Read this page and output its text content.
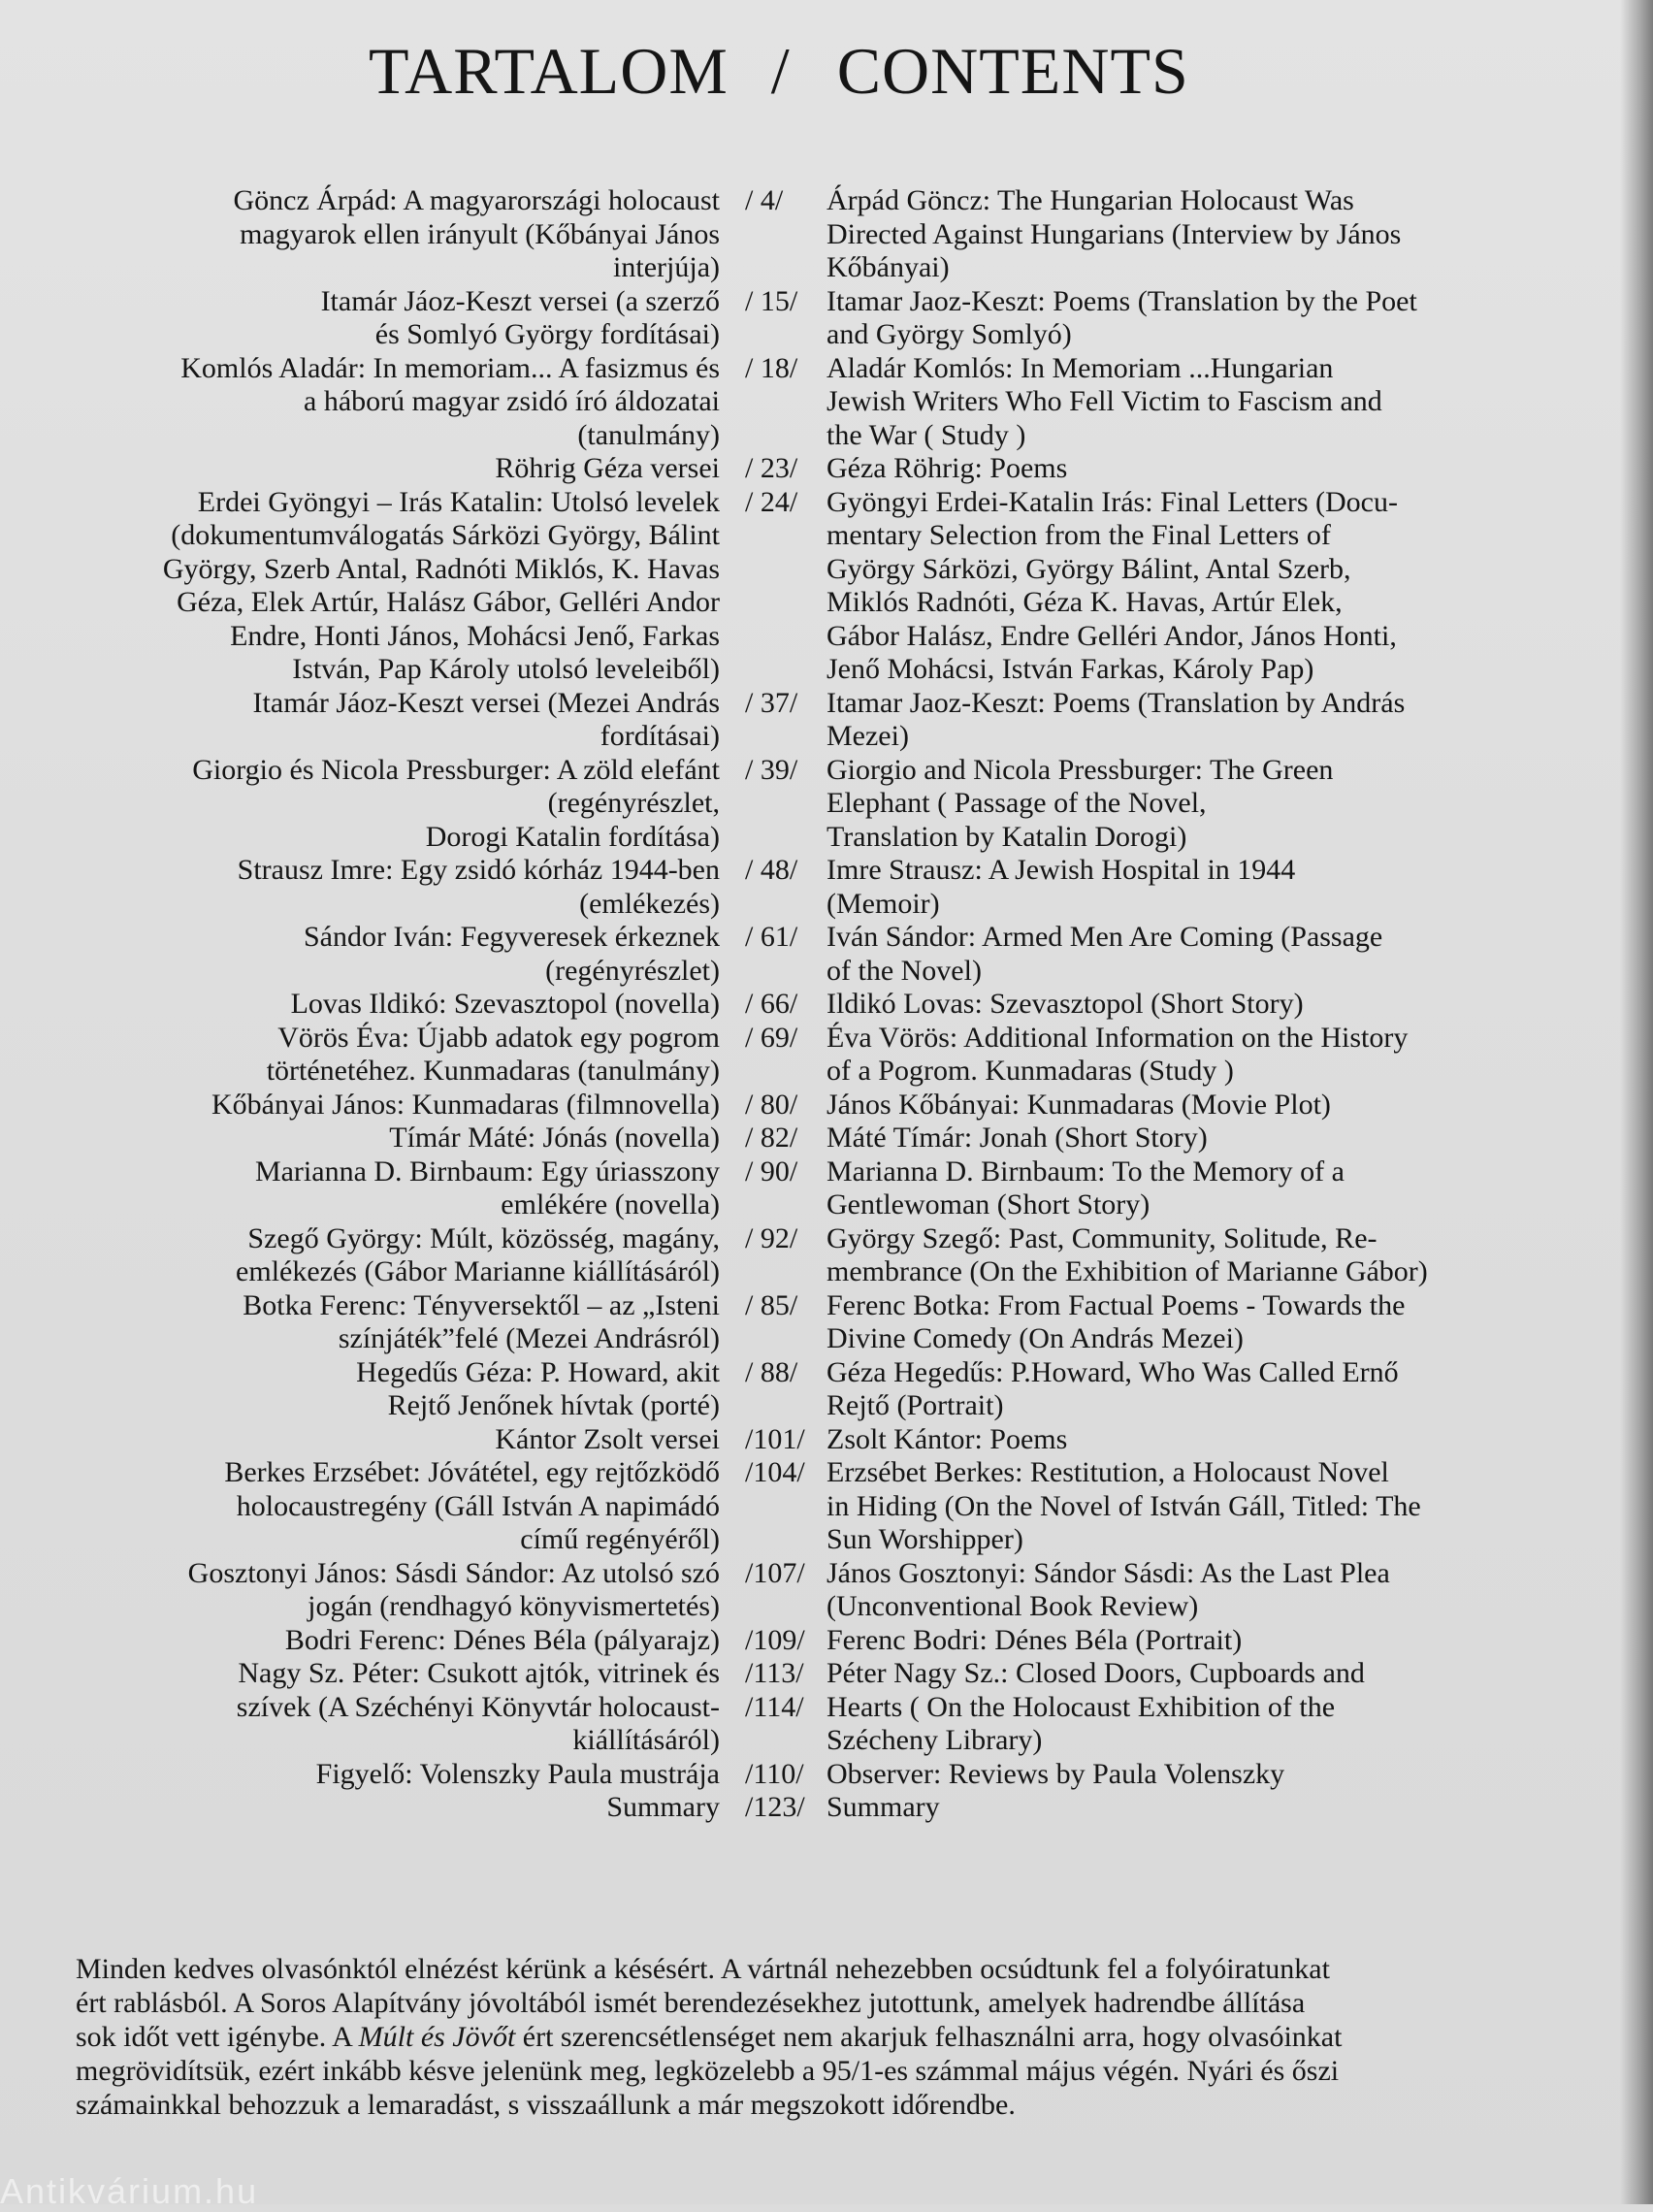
TARTALOM / CONTENTS
Göncz Árpád: A magyarországi holocaust
magyarok ellen irányult (Kőbányai János
interjúja)
/ 4/	Árpád Göncz: The Hungarian Holocaust Was
Directed Against Hungarians (Interview by János
Kőbányai)
Itamár Jáoz-Keszt versei (a szerző
és Somlyó György fordításai)
/ 15/ Itamar Jaoz-Keszt: Poems (Translation by the Poet
and György Somlyó)
Komlós Aladár: In memoriam... A fasizmus és
a háború magyar zsidó író áldozatai
(tanulmány)
/ 18/ Aladár Komlós: In Memoriam ...Hungarian
Jewish Writers Who Fell Victim to Fascism and
the War ( Study )
Röhrig Géza versei / 23/ Géza Röhrig: Poems
Erdei Gyöngyi – Irás Katalin: Utolsó levelek
(dokumentumválogatás Sárközi György, Bálint
György, Szerb Antal, Radnóti Miklós, K. Havas
Géza, Elek Artúr, Halász Gábor, Gelléri Andor
Endre, Honti János, Mohácsi Jenő, Farkas
István, Pap Károly utolsó leveleiből)
/ 24/ Gyöngyi Erdei-Katalin Irás: Final Letters (Docu-
mentary Selection from the Final Letters of
György Sárközi, György Bálint, Antal Szerb,
Miklós Radnóti, Géza K. Havas, Artúr Elek,
Gábor Halász, Endre Gelléri Andor, János Honti,
Jenő Mohácsi, István Farkas, Károly Pap)
Itamár Jáoz-Keszt versei (Mezei András
fordításai)
/ 37/ Itamar Jaoz-Keszt: Poems (Translation by András
Mezei)
Giorgio és Nicola Pressburger: A zöld elefánt
(regényrészlet,
Dorogi Katalin fordítása)
/ 39/ Giorgio and Nicola Pressburger: The Green
Elephant ( Passage of the Novel,
Translation by Katalin Dorogi)
Strausz Imre: Egy zsidó kórház 1944-ben
(emlékezés)
/ 48/ Imre Strausz: A Jewish Hospital in 1944
(Memoir)
Sándor Iván: Fegyveresek érkeznek
(regényrészlet)
/ 61/ Iván Sándor: Armed Men Are Coming (Passage
of the Novel)
Lovas Ildikó: Szevasztopol (novella) / 66/ Ildikó Lovas: Szevasztopol (Short Story)
Vörös Éva: Újabb adatok egy pogrom
történetéhez. Kunmadaras (tanulmány)
/ 69/ Éva Vörös: Additional Information on the History
of a Pogrom. Kunmadaras (Study )
Kőbányai János: Kunmadaras (filmnovella) / 80/ János Kőbányai: Kunmadaras (Movie Plot)
Tímár Máté: Jónás (novella) / 82/ Máté Tímár: Jonah (Short Story)
Marianna D. Birnbaum: Egy úriasszony
emlékére (novella)
/ 90/ Marianna D. Birnbaum: To the Memory of a
Gentlewoman (Short Story)
Szegő György: Múlt, közösség, magány,
emlékezés (Gábor Marianne kiállításáról)
/ 92/ György Szegő: Past, Community, Solitude, Re-
membrance (On the Exhibition of Marianne Gábor)
Botka Ferenc: Tényversektől – az „Isteni
színjáték”felé (Mezei Andrásról)
/ 85/ Ferenc Botka: From Factual Poems - Towards the
Divine Comedy (On András Mezei)
Hegedűs Géza: P. Howard, akit
Rejtő Jenőnek hívtak (porté)
/ 88/ Géza Hegedűs: P.Howard, Who Was Called Ernő
Rejtő (Portrait)
Kántor Zsolt versei /101/ Zsolt Kántor: Poems
Berkes Erzsébet: Jóvátétel, egy rejtőzködő
holocaustregény (Gáll István A napimádó
című regényéről)
/104/ Erzsébet Berkes: Restitution, a Holocaust Novel
in Hiding (On the Novel of István Gáll, Titled: The
Sun Worshipper)
Gosztonyi János: Sásdi Sándor: Az utolsó szó
jogán (rendhagyó könyvismertetés)
/107/ János Gosztonyi: Sándor Sásdi: As the Last Plea
(Unconventional Book Review)
Bodri Ferenc: Dénes Béla (pályarajz) /109/ Ferenc Bodri: Dénes Béla (Portrait)
Nagy Sz. Péter: Csukott ajtók, vitrinek és
szívek (A Széchényi Könyvtár holocaust-
kiállításáról)
/113/
/114/
Péter Nagy Sz.: Closed Doors, Cupboards and
Hearts ( On the Holocaust Exhibition of the
Szécheny Library)
Figyelő: Volenszky Paula mustrája /110/ Observer: Reviews by Paula Volenszky
Summary /123/ Summary
Minden kedves olvasónktól elnézést kérünk a késésért. A vártnál nehezebben ocsúdtunk fel a folyóiratunkat
ért rablásból. A Soros Alapítvány jóvoltából ismét berendezésekhez jutottunk, amelyek hadrendbe állítása
sok időt vett igénybe. A Múlt és Jövőt ért szerencsétlenséget nem akarjuk felhasználni arra, hogy olvasóinkat
megrövidítsük, ezért inkább késve jelenünk meg, legközelebb a 95/1-es számmal május végén. Nyári és őszi
számainkkal behozzuk a lemaradást, s visszaállunk a már megszokott időrendbe.
Antikvárium.hu
